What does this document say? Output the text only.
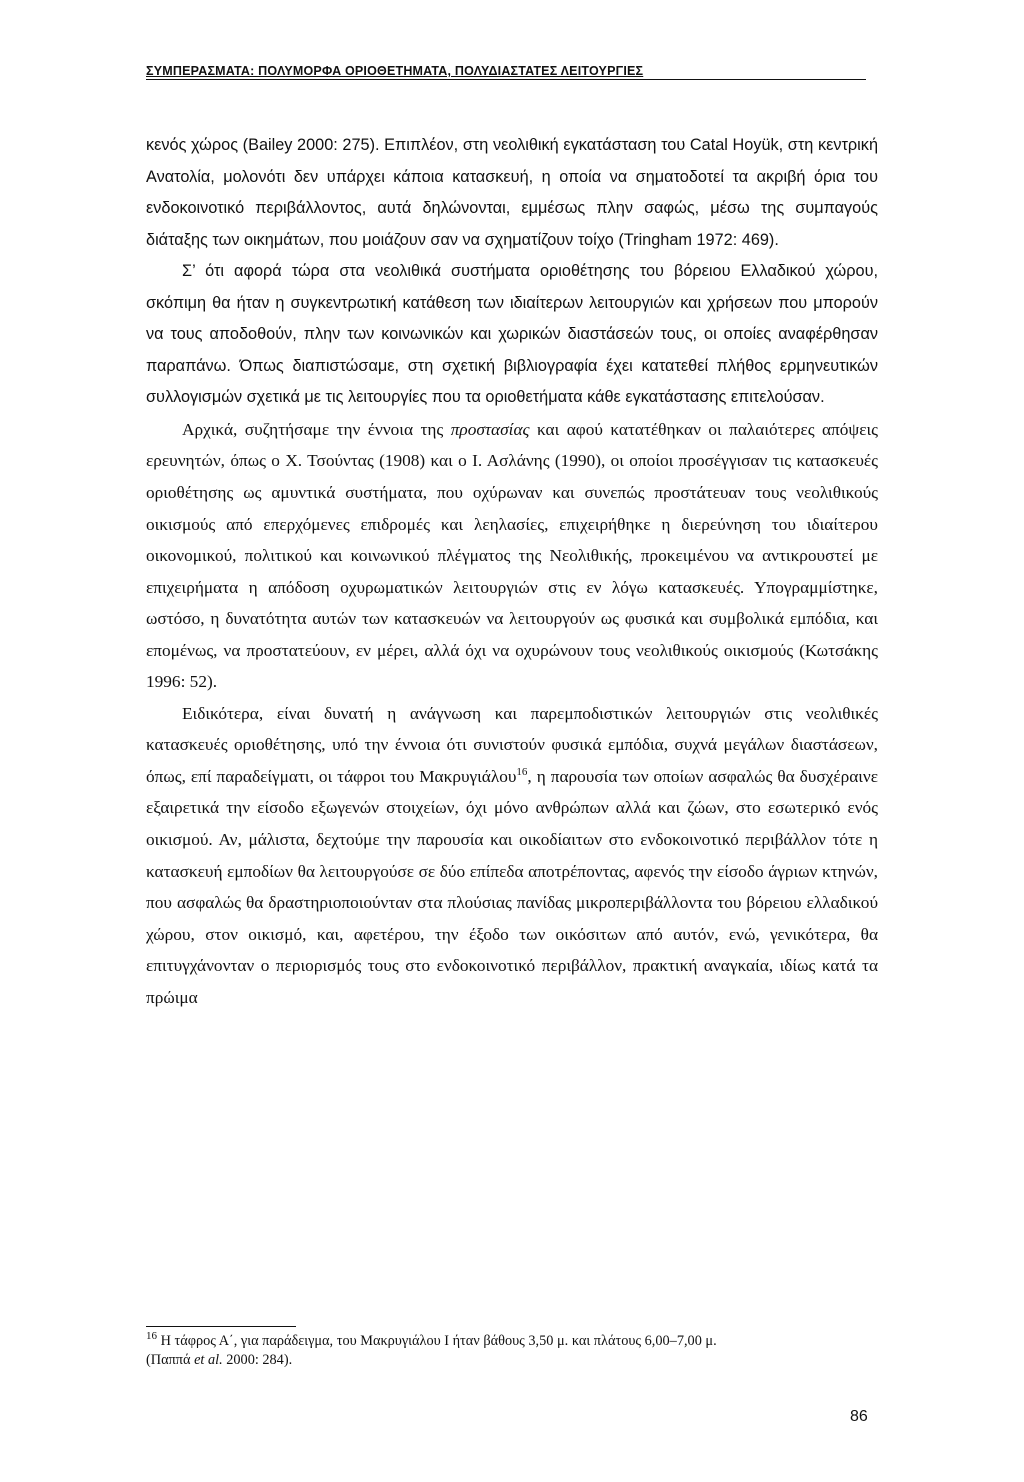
ΣΥΜΠΕΡΑΣΜΑΤΑ: ΠΟΛΥΜΟΡΦΑ ΟΡΙΟΘΕΤΗΜΑΤΑ, ΠΟΛΥΔΙΑΣΤΑΤΕΣ ΛΕΙΤΟΥΡΓΙΕΣ

κενός χώρος (Bailey 2000: 275). Επιπλέον, στη νεολιθική εγκατάσταση του Catal Hoyük, στη κεντρική Ανατολία, μολονότι δεν υπάρχει κάποια κατασκευή, η οποία να σηματοδοτεί τα ακριβή όρια του ενδοκοινοτικό περιβάλλοντος, αυτά δηλώνονται, εμμέσως πλην σαφώς, μέσω της συμπαγούς διάταξης των οικημάτων, που μοιάζουν σαν να σχηματίζουν τοίχο (Tringham 1972: 469).

Σ’ ότι αφορά τώρα στα νεολιθικά συστήματα οριοθέτησης του βόρειου Ελλαδικού χώρου, σκόπιμη θα ήταν η συγκεντρωτική κατάθεση των ιδιαίτερων λειτουργιών και χρήσεων που μπορούν να τους αποδοθούν, πλην των κοινωνικών και χωρικών διαστάσεών τους, οι οποίες αναφέρθησαν παραπάνω. Όπως διαπιστώσαμε, στη σχετική βιβλιογραφία έχει κατατεθεί πλήθος ερμηνευτικών συλλογισμών σχετικά με τις λειτουργίες που τα οριοθετήματα κάθε εγκατάστασης επιτελούσαν.

Αρχικά, συζητήσαμε την έννοια της προστασίας και αφού κατατέθηκαν οι παλαιότερες απόψεις ερευνητών, όπως ο Χ. Τσούντας (1908) και ο Ι. Ασλάνης (1990), οι οποίοι προσέγγισαν τις κατασκευές οριοθέτησης ως αμυντικά συστήματα, που οχύρωναν και συνεπώς προστάτευαν τους νεολιθικούς οικισμούς από επερχόμενες επιδρομές και λεηλασίες, επιχειρήθηκε η διερεύνηση του ιδιαίτερου οικονομικού, πολιτικού και κοινωνικού πλέγματος της Νεολιθικής, προκειμένου να αντικρουστεί με επιχειρήματα η απόδοση οχυρωματικών λειτουργιών στις εν λόγω κατασκευές. Υπογραμμίστηκε, ωστόσο, η δυνατότητα αυτών των κατασκευών να λειτουργούν ως φυσικά και συμβολικά εμπόδια, και επομένως, να προστατεύουν, εν μέρει, αλλά όχι να οχυρώνουν τους νεολιθικούς οικισμούς (Κωτσάκης 1996: 52).

Ειδικότερα, είναι δυνατή η ανάγνωση και παρεμποδιστικών λειτουργιών στις νεολιθικές κατασκευές οριοθέτησης, υπό την έννοια ότι συνιστούν φυσικά εμπόδια, συχνά μεγάλων διαστάσεων, όπως, επί παραδείγματι, οι τάφροι του Μακρυγιάλου$^{16}$, η παρουσία των οποίων ασφαλώς θα δυσχέραινε εξαιρετικά την είσοδο εξωγενών στοιχείων, όχι μόνο ανθρώπων αλλά και ζώων, στο εσωτερικό ενός οικισμού. Αν, μάλιστα, δεχτούμε την παρουσία και οικοδίαιτων στο ενδοκοινοτικό περιβάλλον τότε η κατασκευή εμποδίων θα λειτουργούσε σε δύο επίπεδα αποτρέποντας, αφενός την είσοδο άγριων κτηνών, που ασφαλώς θα δραστηριοποιούνταν στα πλούσιας πανίδας μικροπεριβάλλοντα του βόρειου ελλαδικού χώρου, στον οικισμό, και, αφετέρου, την έξοδο των οικόσιτων από αυτόν, ενώ, γενικότερα, θα επιτυγχάνονταν ο περιορισμός τους στο ενδοκοινοτικό περιβάλλον, πρακτική αναγκαία, ιδίως κατά τα πρώιμα

$^{16}$ Η τάφρος Α΄, για παράδειγμα, του Μακρυγιάλου Ι ήταν βάθους 3,50 μ. και πλάτους 6,00–7,00 μ.

(Παππά et al. 2000: 284).

86
